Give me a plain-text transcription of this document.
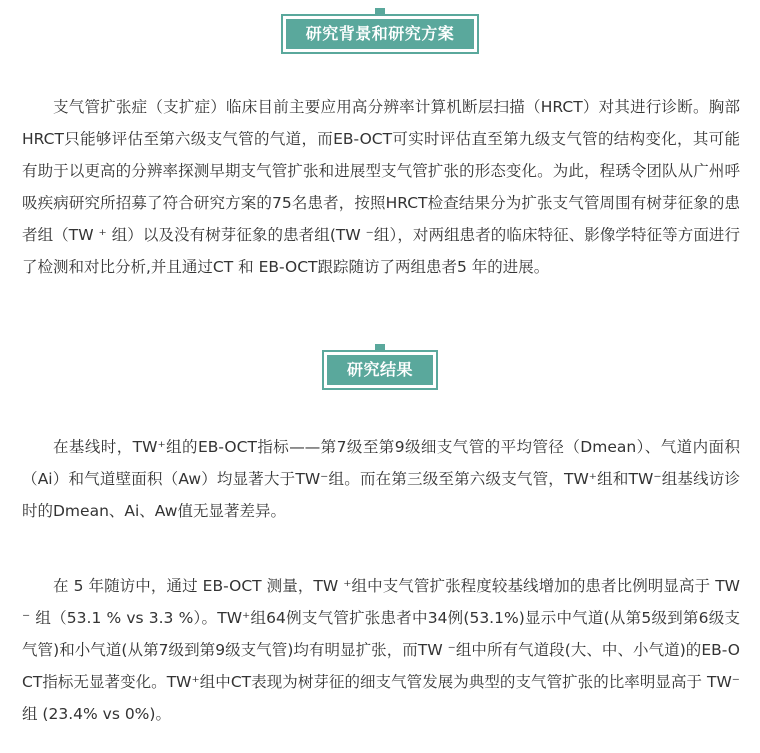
研究背景和研究方案

支气管扩张症（支扩症）临床目前主要应用高分辨率计算机断层扫描（HRCT）对其进行诊断。胸部 HRCT只能够评估至第六级支气管的气道，而EB-OCT可实时评估直至第九级支气管的结构变化，其可能有助于以更高的分辨率探测早期支气管扩张和进展型支气管扩张的形态变化。为此，程琇令团队从广州呼吸疾病研究所招募了符合研究方案的75名患者，按照HRCT检查结果分为扩张支气管周围有树芽征象的患者组（TW ⁺ 组）以及没有树芽征象的患者组(TW ⁻组），对两组患者的临床特征、影像学特征等方面进行了检测和对比分析,并且通过CT 和 EB-OCT跟踪随访了两组患者5 年的进展。

研究结果

在基线时，TW⁺组的EB-OCT指标——第7级至第9级细支气管的平均管径（Dmean）、气道内面积（Ai）和气道壁面积（Aw）均显著大于TW⁻组。而在第三级至第六级支气管，TW⁺组和TW⁻组基线访诊时的Dmean、Ai、Aw值无显著差异。

在 5 年随访中，通过 EB-OCT 测量，TW ⁺组中支气管扩张程度较基线增加的患者比例明显高于 TW⁻ 组（53.1 % vs 3.3 %）。TW⁺组64例支气管扩张患者中34例(53.1%)显示中气道(从第5级到第6级支气管)和小气道(从第7级到第9级支气管)均有明显扩张，而TW ⁻组中所有气道段(大、中、小气道)的EB-OCT指标无显著变化。TW⁺组中CT表现为树芽征的细支气管发展为典型的支气管扩张的比率明显高于 TW⁻ 组 (23.4% vs 0%)。
